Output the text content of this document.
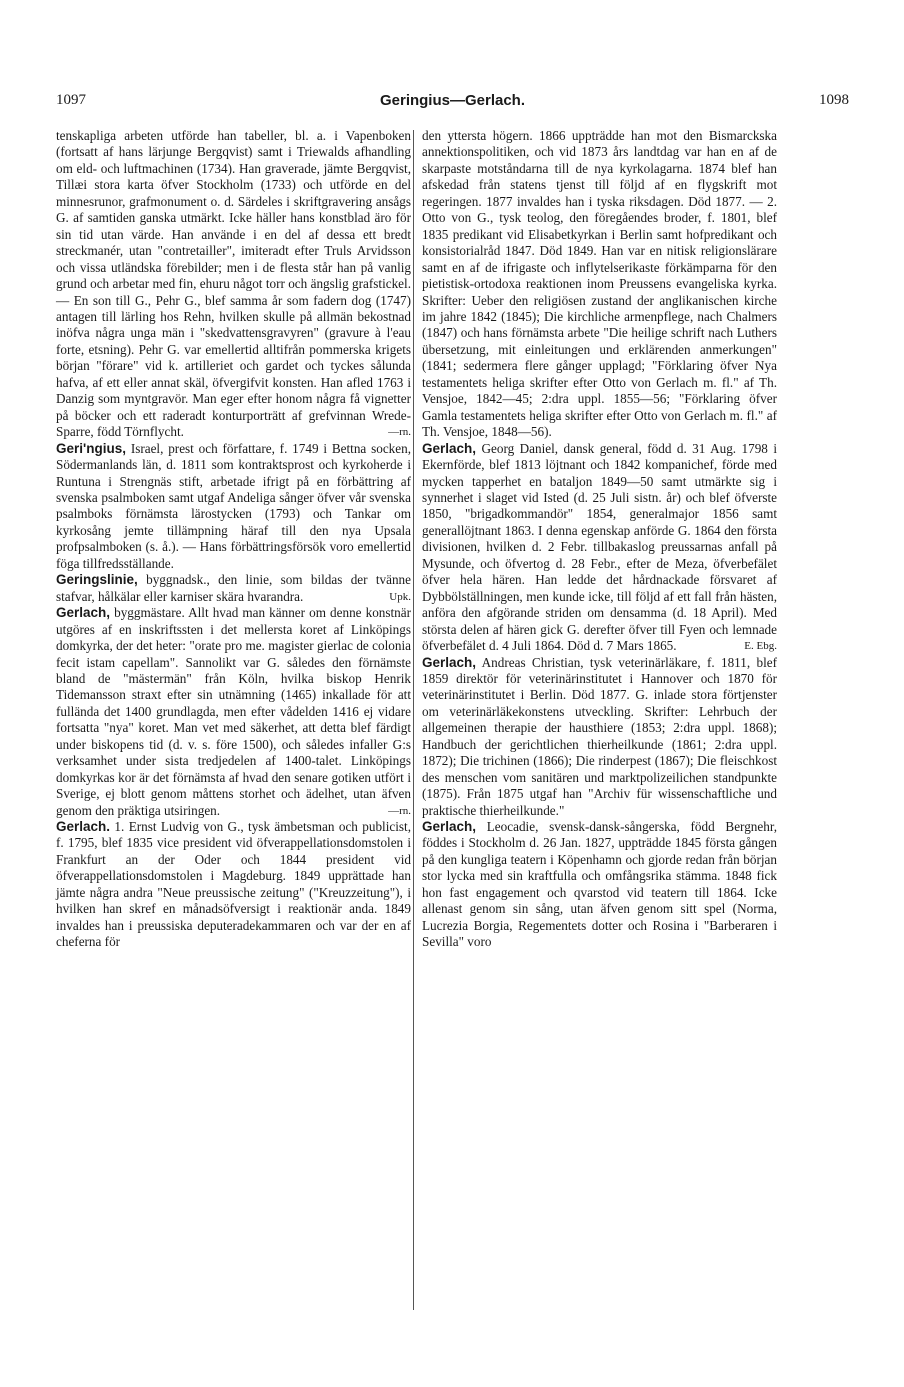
1097	Geringius—Gerlach.	1098

tenskapliga arbeten utförde han tabeller, bl. a. i Vapenboken (fortsatt af hans lärjunge Bergqvist) samt i Triewalds afhandling om eld- och luftmachinen (1734). Han graverade, jämte Bergqvist, Tillæi stora karta öfver Stockholm (1733) och utförde en del minnesrunor, grafmonument o. d. Särdeles i skriftgravering ansågs G. af samtiden ganska utmärkt. Icke häller hans konstblad äro för sin tid utan värde. Han använde i en del af dessa ett bredt streckmanér, utan "contretailler", imiteradt efter Truls Arvidsson och vissa utländska förebilder; men i de flesta står han på vanlig grund och arbetar med fin, ehuru något torr och ängslig grafstickel. — En son till G., Pehr G., blef samma år som fadern dog (1747) antagen till lärling hos Rehn, hvilken skulle på allmän bekostnad inöfva några unga män i "skedvattensgravyren" (gravure à l'eau forte, etsning). Pehr G. var emellertid alltifrån pommerska krigets början "förare" vid k. artilleriet och gardet och tyckes sålunda hafva, af ett eller annat skäl, öfvergifvit konsten. Han afled 1763 i Danzig som myntgravör. Man eger efter honom några få vignetter på böcker och ett raderadt konturporträtt af grefvinnan Wrede-Sparre, född Törnflycht.	—rn.

Geri'ngius, Israel, prest och författare, f. 1749 i Bettna socken, Södermanlands län, d. 1811 som kontraktsprost och kyrkoherde i Runtuna i Strengnäs stift, arbetade ifrigt på en förbättring af svenska psalmboken samt utgaf Andeliga sånger öfver vår svenska psalmboks förnämsta lärostycken (1793) och Tankar om kyrkosång jemte tillämpning häraf till den nya Upsala profpsalmboken (s. å.). — Hans förbättringsförsök voro emellertid föga tillfredsställande.

Geringslinie, byggnadsk., den linie, som bildas der tvänne stafvar, hålkälar eller karniser skära hvarandra.	Upk.

Gerlach, byggmästare. Allt hvad man känner om denne konstnär utgöres af en inskriftssten i det mellersta koret af Linköpings domkyrka, der det heter: "orate pro me. magister gierlac de colonia fecit istam capellam". Sannolikt var G. således den förnämste bland de "mästermän" från Köln, hvilka biskop Henrik Tidemansson straxt efter sin utnämning (1465) inkallade för att fullända det 1400 grundlagda, men efter vådelden 1416 ej vidare fortsatta "nya" koret. Man vet med säkerhet, att detta blef färdigt under biskopens tid (d. v. s. före 1500), och således infaller G:s verksamhet under sista tredjedelen af 1400-talet. Linköpings domkyrkas kor är det förnämsta af hvad den senare gotiken utfört i Sverige, ej blott genom måttens storhet och ädelhet, utan äfven genom den präktiga utsiringen.	—rn.

Gerlach. 1. Ernst Ludvig von G., tysk ämbetsman och publicist, f. 1795, blef 1835 vice president vid öfverappellationsdomstolen i Frankfurt an der Oder och 1844 president vid öfverappellationsdomstolen i Magdeburg. 1849 upprättade han jämte några andra "Neue preussische zeitung" ("Kreuzzeitung"), i hvilken han skref en månadsöfversigt i reaktionär anda. 1849 invaldes han i preussiska deputeradekammaren och var der en af cheferna för

den yttersta högern. 1866 uppträdde han mot den Bismarckska annektionspolitiken, och vid 1873 års landtdag var han en af de skarpaste motståndarna till de nya kyrkolagarna. 1874 blef han afskedad från statens tjenst till följd af en flygskrift mot regeringen. 1877 invaldes han i tyska riksdagen. Död 1877. — 2. Otto von G., tysk teolog, den föregåendes broder, f. 1801, blef 1835 predikant vid Elisabetkyrkan i Berlin samt hofpredikant och konsistorialråd 1847. Död 1849. Han var en nitisk religionslärare samt en af de ifrigaste och inflytelserikaste förkämparna för den pietistisk-ortodoxa reaktionen inom Preussens evangeliska kyrka. Skrifter: Ueber den religiösen zustand der anglikanischen kirche im jahre 1842 (1845); Die kirchliche armenpflege, nach Chalmers (1847) och hans förnämsta arbete "Die heilige schrift nach Luthers übersetzung, mit einleitungen und erklärenden anmerkungen" (1841; sedermera flere gånger upplagd; "Förklaring öfver Nya testamentets heliga skrifter efter Otto von Gerlach m. fl." af Th. Vensjoe, 1842—45; 2:dra uppl. 1855—56; "Förklaring öfver Gamla testamentets heliga skrifter efter Otto von Gerlach m. fl." af Th. Vensjoe, 1848—56).

Gerlach, Georg Daniel, dansk general, född d. 31 Aug. 1798 i Ekernförde, blef 1813 löjtnant och 1842 kompanichef, förde med mycken tapperhet en bataljon 1849—50 samt utmärkte sig i synnerhet i slaget vid Isted (d. 25 Juli sistn. år) och blef öfverste 1850, "brigadkommandör" 1854, generalmajor 1856 samt generallöjtnant 1863. I denna egenskap anförde G. 1864 den första divisionen, hvilken d. 2 Febr. tillbakaslog preussarnas anfall på Mysunde, och öfvertog d. 28 Febr., efter de Meza, öfverbefälet öfver hela hären. Han ledde det hårdnackade försvaret af Dybbölställningen, men kunde icke, till följd af ett fall från hästen, anföra den afgörande striden om densamma (d. 18 April). Med största delen af hären gick G. derefter öfver till Fyen och lemnade öfverbefälet d. 4 Juli 1864. Död d. 7 Mars 1865.	E. Ebg.

Gerlach, Andreas Christian, tysk veterinärläkare, f. 1811, blef 1859 direktör för veterinärinstitutet i Hannover och 1870 för veterinärinstitutet i Berlin. Död 1877. G. inlade stora förtjenster om veterinärläkekonstens utveckling. Skrifter: Lehrbuch der allgemeinen therapie der hausthiere (1853; 2:dra uppl. 1868); Handbuch der gerichtlichen thierheilkunde (1861; 2:dra uppl. 1872); Die trichinen (1866); Die rinderpest (1867); Die fleischkost des menschen vom sanitären und marktpolizeilichen standpunkte (1875). Från 1875 utgaf han "Archiv für wissenschaftliche und praktische thierheilkunde."

Gerlach, Leocadie, svensk-dansk-sångerska, född Bergnehr, föddes i Stockholm d. 26 Jan. 1827, uppträdde 1845 första gången på den kungliga teatern i Köpenhamn och gjorde redan från början stor lycka med sin kraftfulla och omfångsrika stämma. 1848 fick hon fast engagement och qvarstod vid teatern till 1864. Icke allenast genom sin sång, utan äfven genom sitt spel (Norma, Lucrezia Borgia, Regementets dotter och Rosina i "Barberaren i Sevilla" voro
